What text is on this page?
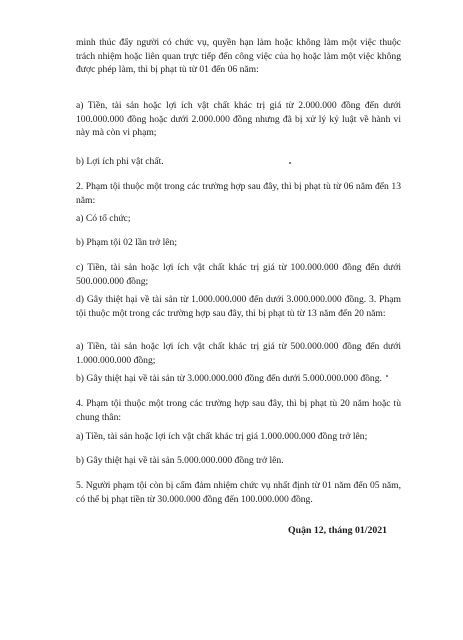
minh thúc đẩy người có chức vụ, quyền hạn làm hoặc không làm một việc thuộc trách nhiệm hoặc liên quan trực tiếp đến công việc của họ hoặc làm một việc không được phép làm, thì bị phạt tù từ 01 đến 06 năm:

a) Tiền, tài sản hoặc lợi ích vật chất khác trị giá từ 2.000.000 đồng đến dưới 100.000.000 đồng hoặc dưới 2.000.000 đồng nhưng đã bị xử lý kỷ luật về hành vi này mà còn vi phạm;

b) Lợi ích phi vật chất.

2. Phạm tội thuộc một trong các trường hợp sau đây, thì bị phạt tù từ 06 năm đến 13 năm:

a) Có tổ chức;

b) Phạm tội 02 lần trở lên;

c) Tiền, tài sản hoặc lợi ích vật chất khác trị giá từ 100.000.000 đồng đến dưới 500.000.000 đồng;

d) Gây thiệt hại về tài sản từ 1.000.000.000 đến dưới 3.000.000.000 đồng. 3. Phạm tội thuộc một trong các trường hợp sau đây, thì bị phạt tù từ 13 năm đến 20 năm:

a) Tiền, tài sản hoặc lợi ích vật chất khác trị giá từ 500.000.000 đồng đến dưới 1.000.000.000 đồng;

b) Gây thiệt hại về tài sản từ 3.000.000.000 đồng đến dưới 5.000.000.000 đồng.

4. Phạm tội thuộc một trong các trường hợp sau đây, thì bị phạt tù 20 năm hoặc tù chung thân:

a) Tiền, tài sản hoặc lợi ích vật chất khác trị giá 1.000.000.000 đồng trở lên;

b) Gây thiệt hại về tài sản 5.000.000.000 đồng trở lên.

5. Người phạm tội còn bị cấm đảm nhiệm chức vụ nhất định từ 01 năm đến 05 năm, có thể bị phạt tiền từ 30.000.000 đồng đến 100.000.000 đồng.

Quận 12, tháng 01/2021
